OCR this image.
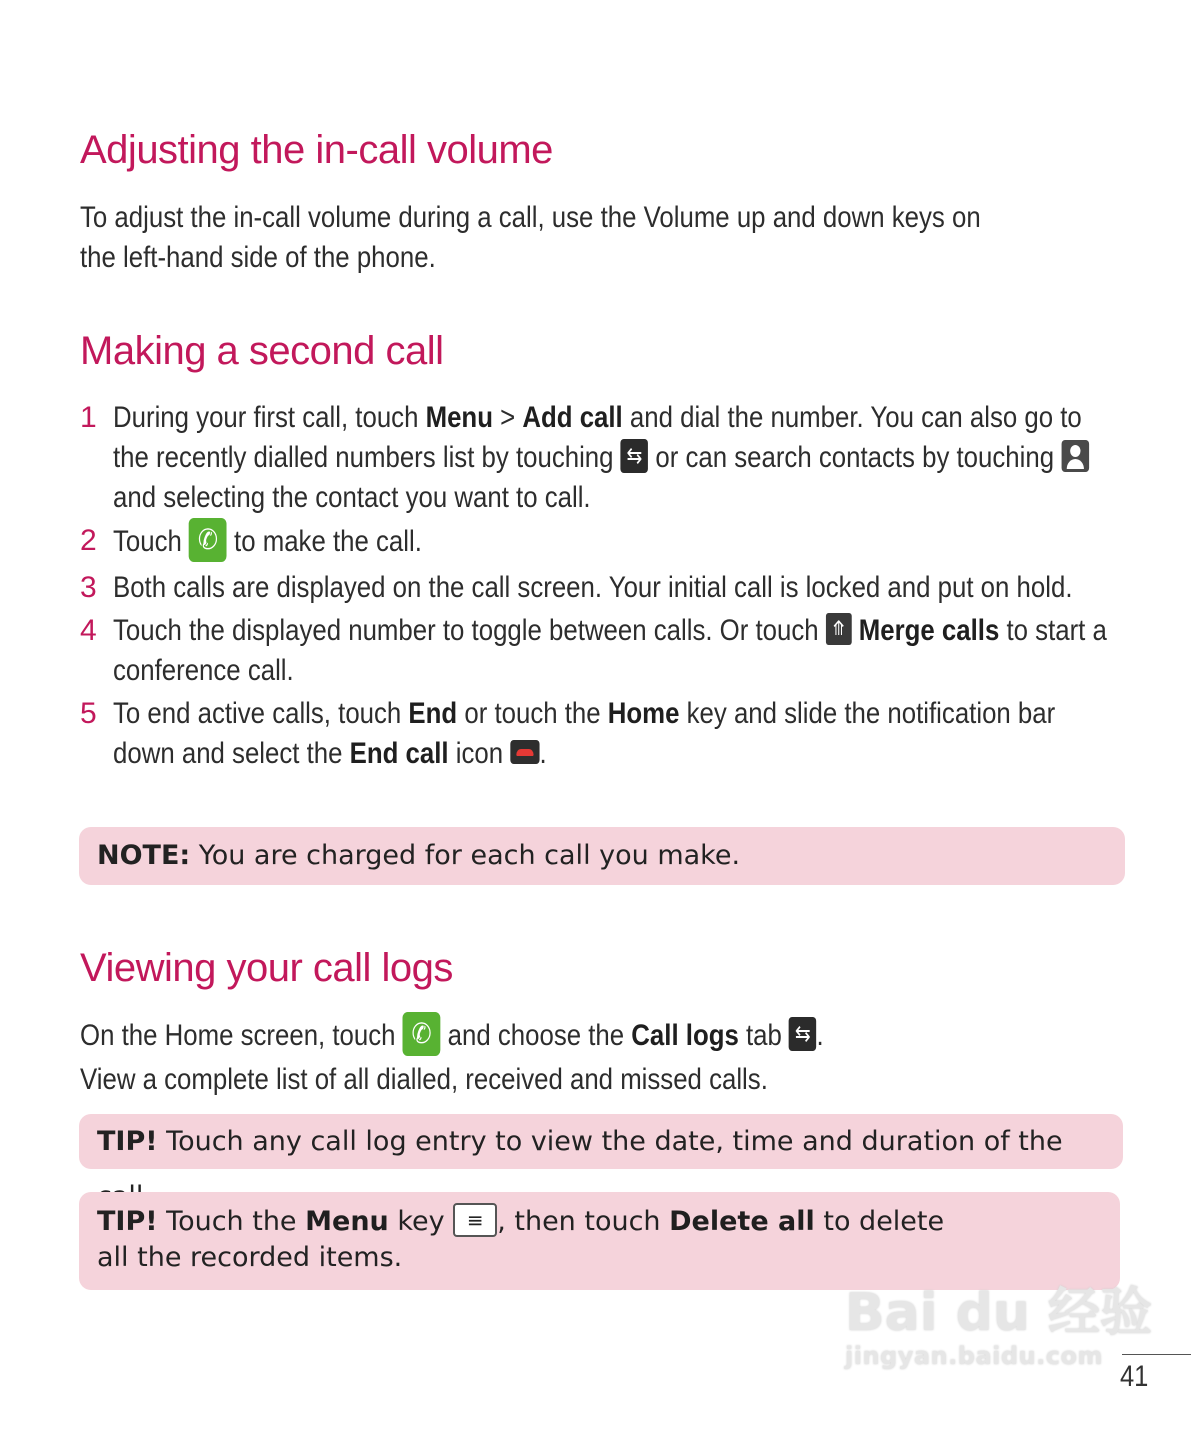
Adjusting the in-call volume

To adjust the in-call volume during a call, use the Volume up and down keys on the left-hand side of the phone.

Making a second call
1 During your first call, touch Menu > Add call and dial the number. You can also go to the recently dialled numbers list by touching ⇆ or can search contacts by touching  and selecting the contact you want to call.
2 Touch ✆ to make the call.
3 Both calls are displayed on the call screen. Your initial call is locked and put on hold.
4 Touch the displayed number to toggle between calls. Or touch ⤊ Merge calls to start a conference call.
5 To end active calls, touch End or touch the Home key and slide the notification bar down and select the End call icon .
NOTE: You are charged for each call you make.
Viewing your call logs

On the Home screen, touch ✆ and choose the Call logs tab ⇆ .

View a complete list of all dialled, received and missed calls.

TIP! Touch any call log entry to view the date, time and duration of the
TIP! Touch the Menu key ≡ , then touch Delete all to delete all the recorded items.
Bai du 经验
jingyan.baidu.com
41
